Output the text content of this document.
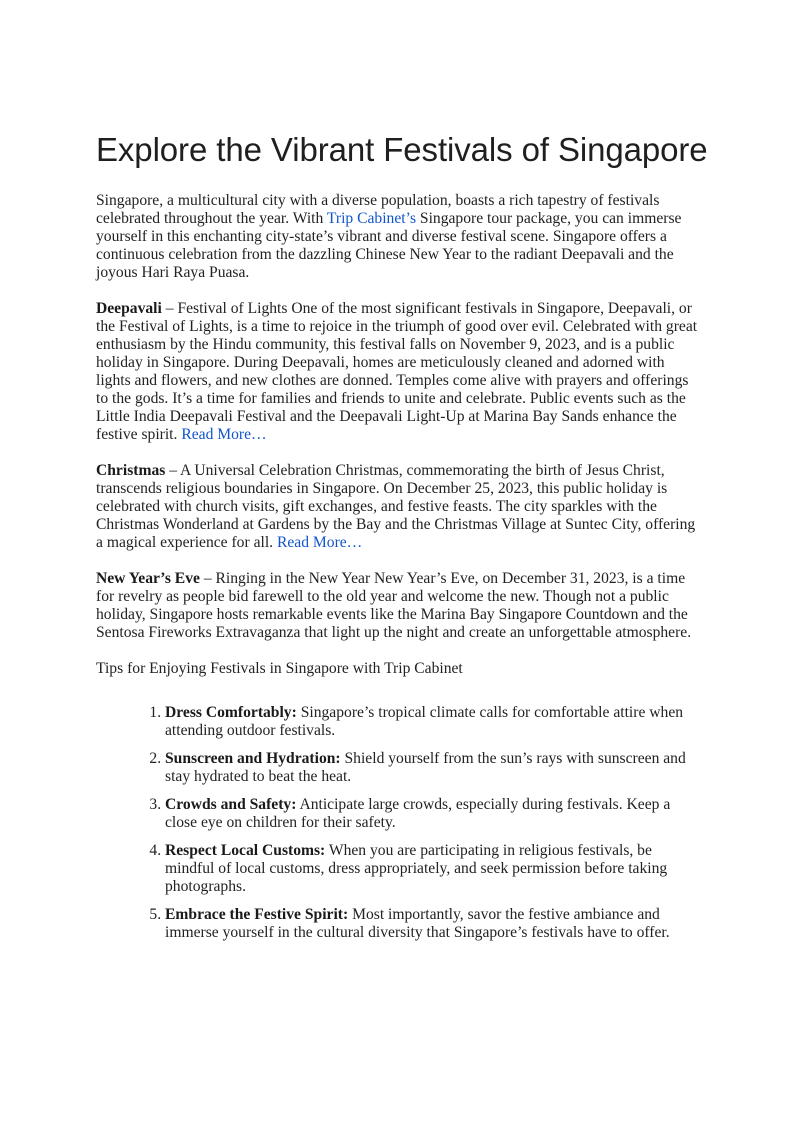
Explore the Vibrant Festivals of Singapore

Singapore, a multicultural city with a diverse population, boasts a rich tapestry of festivals celebrated throughout the year. With Trip Cabinet’s Singapore tour package, you can immerse yourself in this enchanting city-state’s vibrant and diverse festival scene. Singapore offers a continuous celebration from the dazzling Chinese New Year to the radiant Deepavali and the joyous Hari Raya Puasa.

Deepavali – Festival of Lights One of the most significant festivals in Singapore, Deepavali, or the Festival of Lights, is a time to rejoice in the triumph of good over evil. Celebrated with great enthusiasm by the Hindu community, this festival falls on November 9, 2023, and is a public holiday in Singapore. During Deepavali, homes are meticulously cleaned and adorned with lights and flowers, and new clothes are donned. Temples come alive with prayers and offerings to the gods. It’s a time for families and friends to unite and celebrate. Public events such as the Little India Deepavali Festival and the Deepavali Light-Up at Marina Bay Sands enhance the festive spirit. Read More…

Christmas – A Universal Celebration Christmas, commemorating the birth of Jesus Christ, transcends religious boundaries in Singapore. On December 25, 2023, this public holiday is celebrated with church visits, gift exchanges, and festive feasts. The city sparkles with the Christmas Wonderland at Gardens by the Bay and the Christmas Village at Suntec City, offering a magical experience for all. Read More…

New Year’s Eve – Ringing in the New Year New Year’s Eve, on December 31, 2023, is a time for revelry as people bid farewell to the old year and welcome the new. Though not a public holiday, Singapore hosts remarkable events like the Marina Bay Singapore Countdown and the Sentosa Fireworks Extravaganza that light up the night and create an unforgettable atmosphere.

Tips for Enjoying Festivals in Singapore with Trip Cabinet

1. Dress Comfortably: Singapore’s tropical climate calls for comfortable attire when attending outdoor festivals.
2. Sunscreen and Hydration: Shield yourself from the sun’s rays with sunscreen and stay hydrated to beat the heat.
3. Crowds and Safety: Anticipate large crowds, especially during festivals. Keep a close eye on children for their safety.
4. Respect Local Customs: When you are participating in religious festivals, be mindful of local customs, dress appropriately, and seek permission before taking photographs.
5. Embrace the Festive Spirit: Most importantly, savor the festive ambiance and immerse yourself in the cultural diversity that Singapore’s festivals have to offer.
